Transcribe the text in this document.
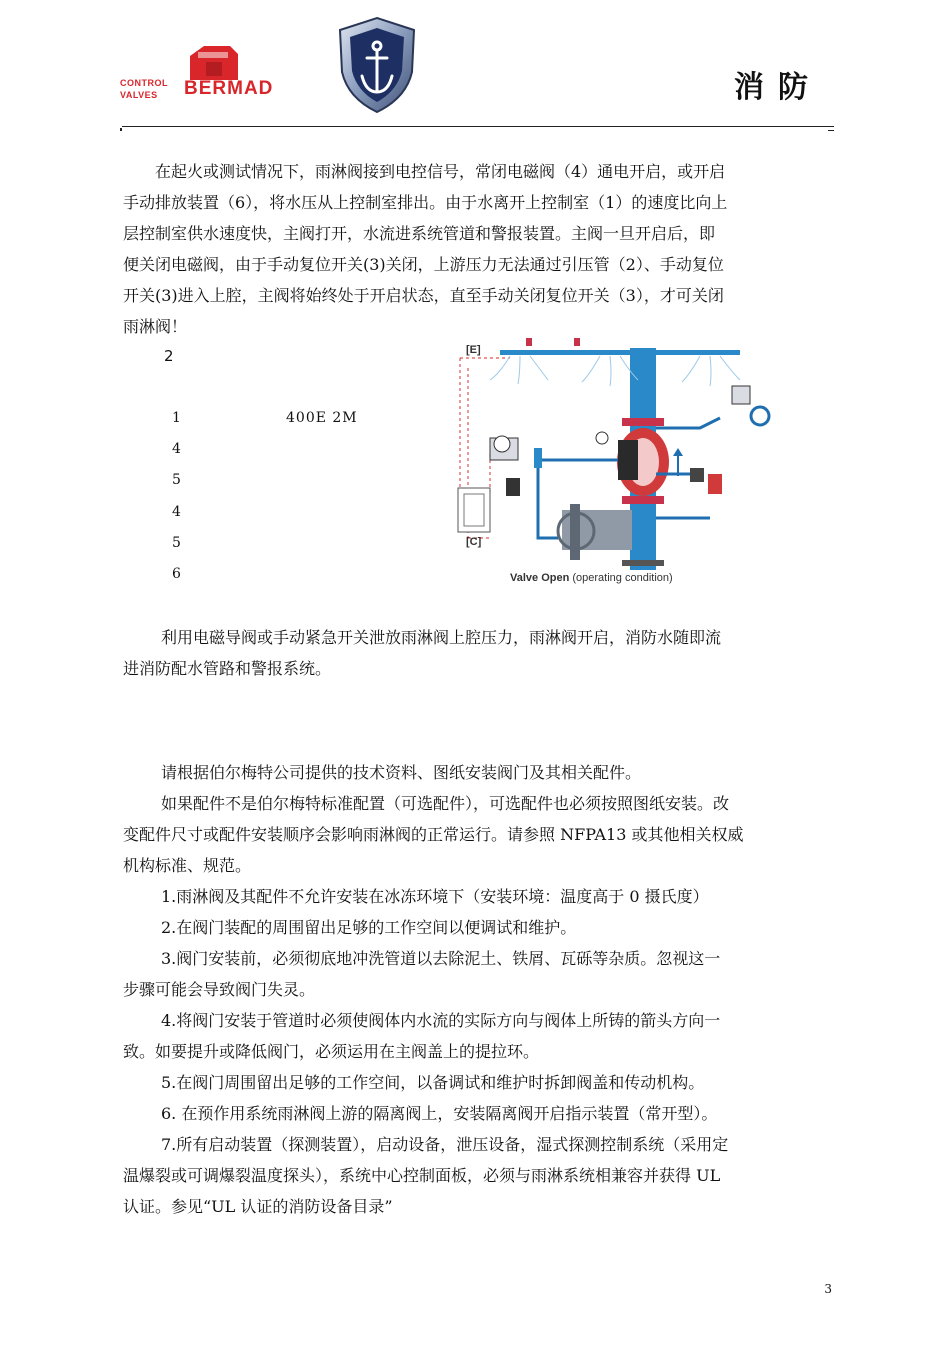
CONTROL
VALVES BERMAD	消防
在起火或测试情况下，雨淋阀接到电控信号，常闭电磁阀（4）通电开启，或开启
手动排放装置（6），将水压从上控制室排出。由于水离开上控制室（1）的速度比向上
层控制室供水速度快，主阀打开，水流进系统管道和警报装置。主阀一旦开启后，即
便关闭电磁阀，由于手动复位开关(3)关闭，上游压力无法通过引压管（2）、手动复位
开关(3)进入上腔，主阀将始终处于开启状态，直至手动关闭复位开关（3），才可关闭
雨淋阀！
2
1	400E 2M
4
5
4
5
6
[E]
[C]
Valve Open (operating condition)
利用电磁导阀或手动紧急开关泄放雨淋阀上腔压力，雨淋阀开启，消防水随即流
进消防配水管路和警报系统。
请根据伯尔梅特公司提供的技术资料、图纸安装阀门及其相关配件。
如果配件不是伯尔梅特标准配置（可选配件），可选配件也必须按照图纸安装。改
变配件尺寸或配件安装顺序会影响雨淋阀的正常运行。请参照 NFPA13 或其他相关权威
机构标准、规范。
1.雨淋阀及其配件不允许安装在冰冻环境下（安装环境：温度高于 0 摄氏度）
2.在阀门装配的周围留出足够的工作空间以便调试和维护。
3.阀门安装前，必须彻底地冲洗管道以去除泥土、铁屑、瓦砾等杂质。忽视这一
步骤可能会导致阀门失灵。
4.将阀门安装于管道时必须使阀体内水流的实际方向与阀体上所铸的箭头方向一
致。如要提升或降低阀门，必须运用在主阀盖上的提拉环。
5.在阀门周围留出足够的工作空间，以备调试和维护时拆卸阀盖和传动机构。
6. 在预作用系统雨淋阀上游的隔离阀上，安装隔离阀开启指示装置（常开型）。
7.所有启动装置（探测装置），启动设备，泄压设备，湿式探测控制系统（采用定
温爆裂或可调爆裂温度探头），系统中心控制面板，必须与雨淋系统相兼容并获得 UL
认证。参见“UL 认证的消防设备目录”
3
